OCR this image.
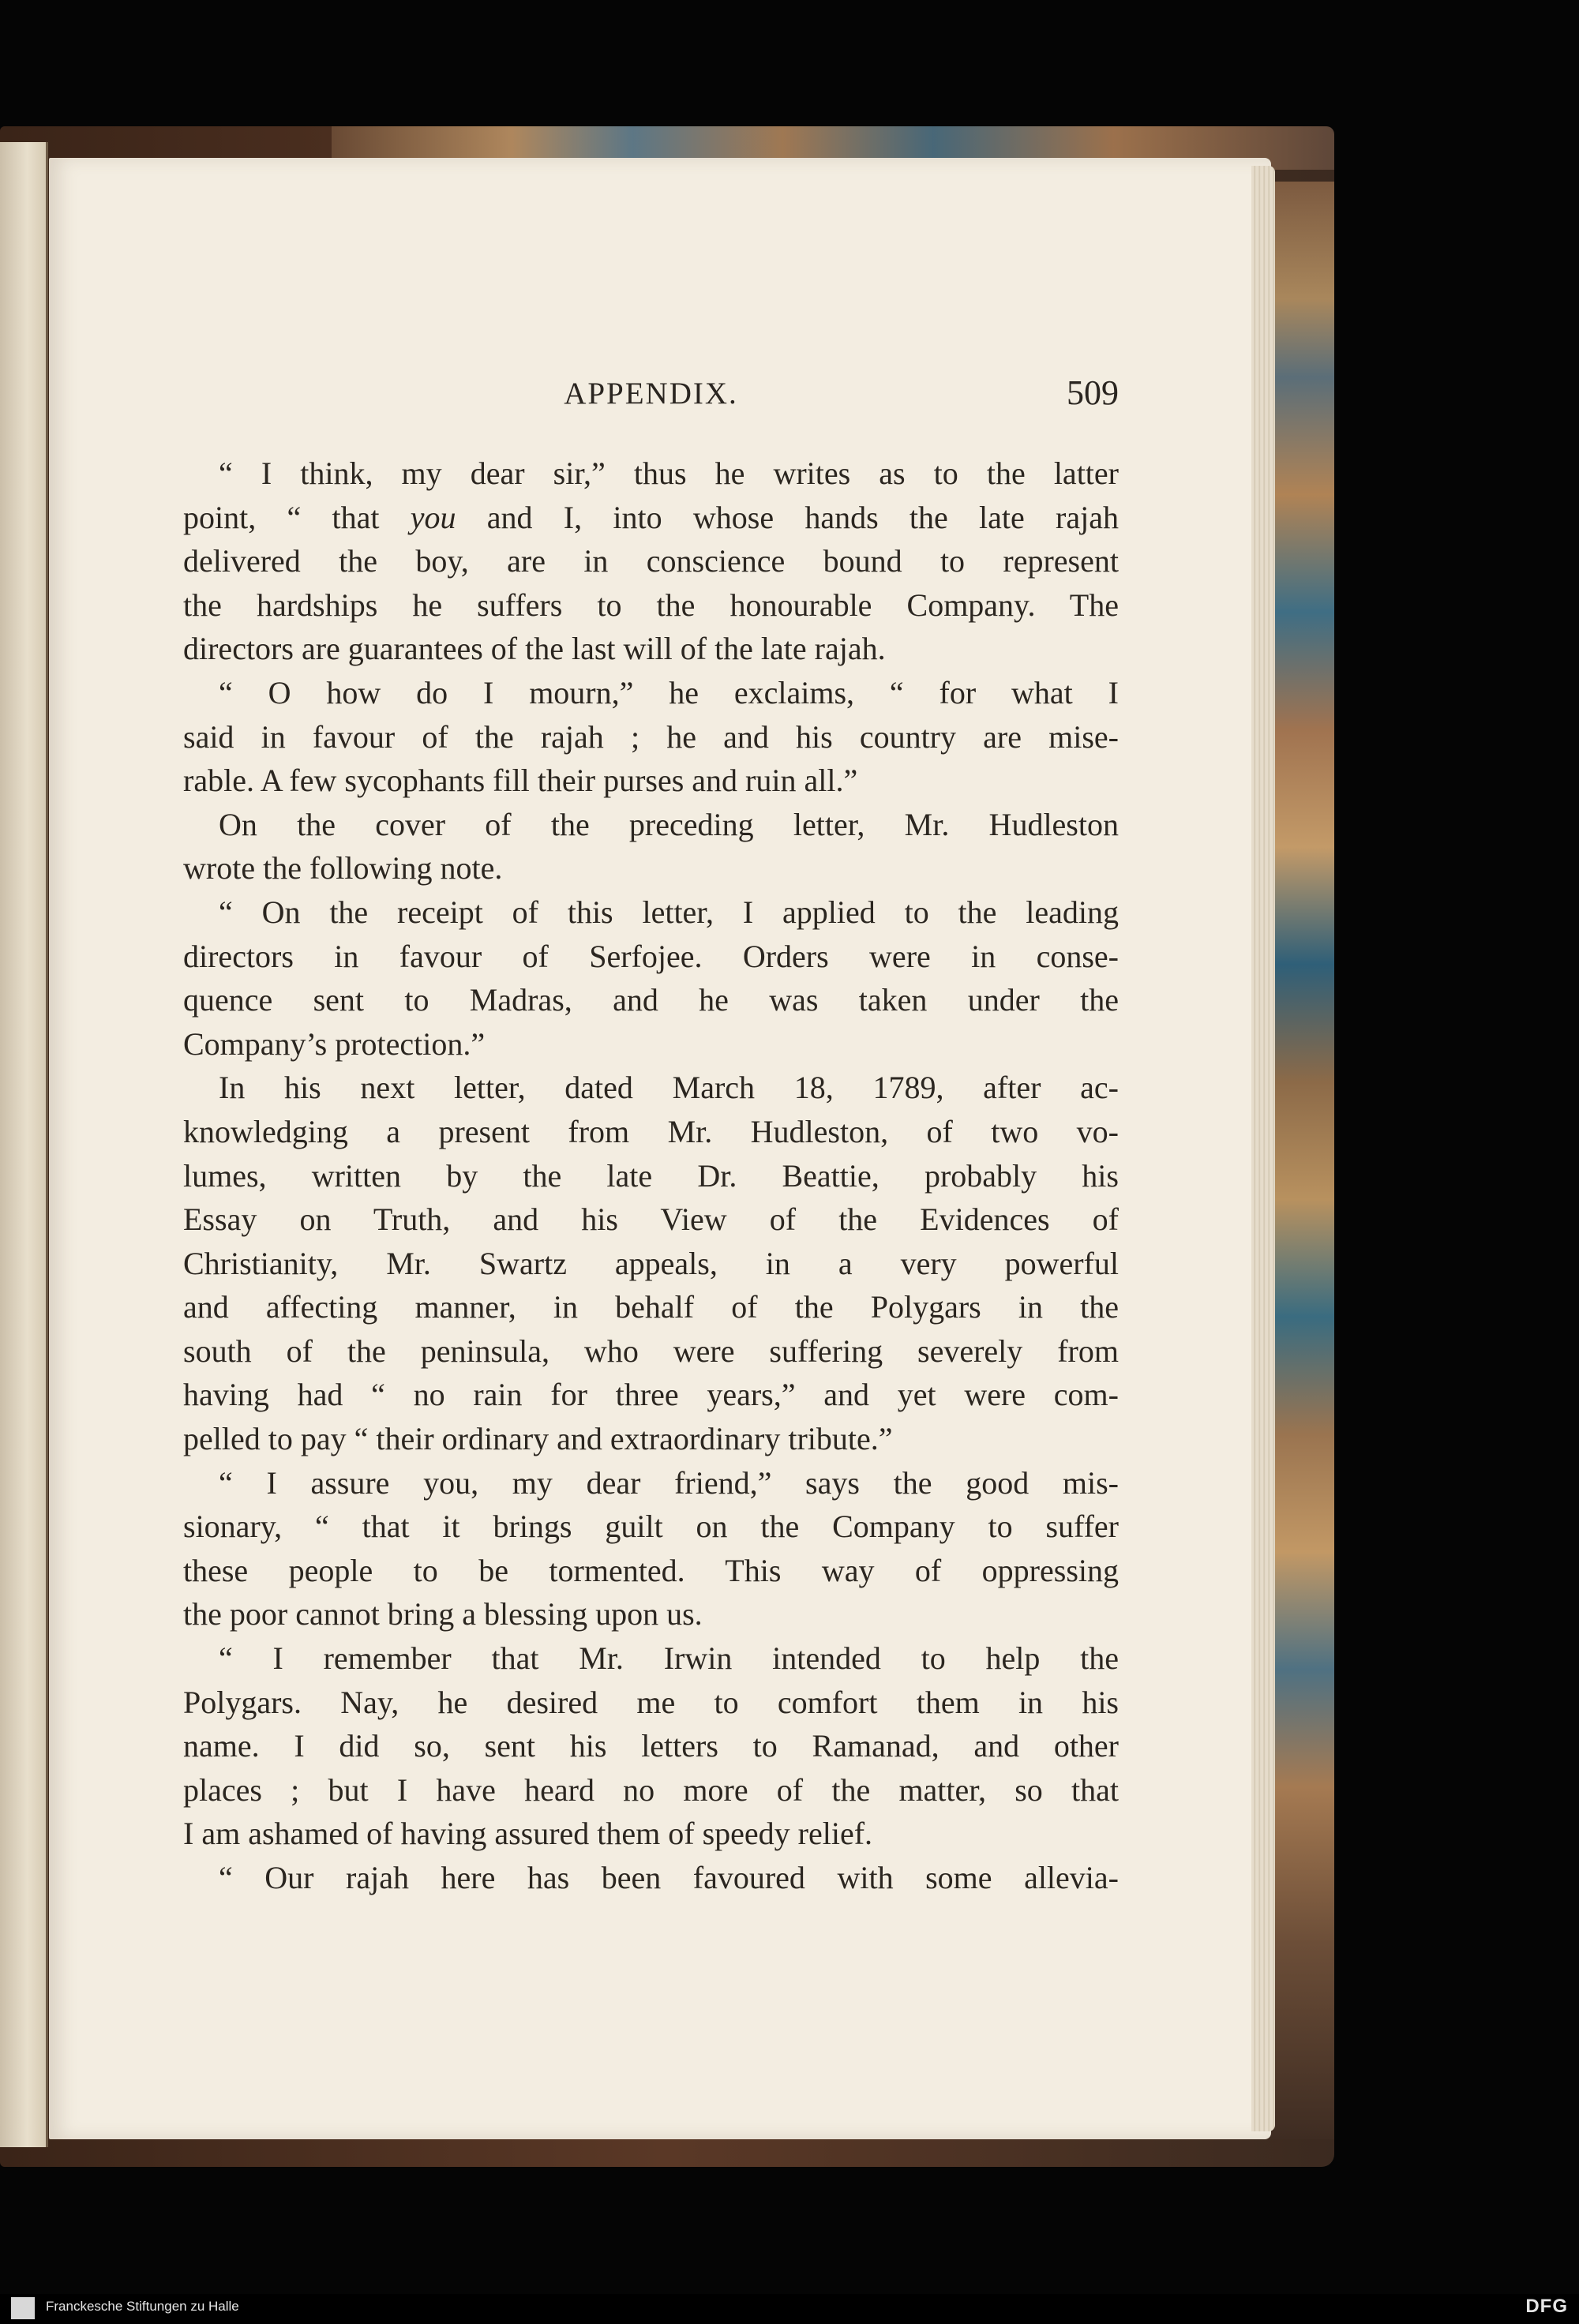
APPENDIX.	509
“ I think, my dear sir,” thus he writes as to the latter
point, “ that you and I, into whose hands the late rajah
delivered the boy, are in conscience bound to represent
the hardships he suffers to the honourable Company. The
directors are guarantees of the last will of the late rajah.
“ O how do I mourn,” he exclaims, “ for what I
said in favour of the rajah ; he and his country are mise-
rable. A few sycophants fill their purses and ruin all.”
On the cover of the preceding letter, Mr. Hudleston
wrote the following note.
“ On the receipt of this letter, I applied to the leading
directors in favour of Serfojee. Orders were in conse-
quence sent to Madras, and he was taken under the
Company’s protection.”
In his next letter, dated March 18, 1789, after ac-
knowledging a present from Mr. Hudleston, of two vo-
lumes, written by the late Dr. Beattie, probably his
Essay on Truth, and his View of the Evidences of
Christianity, Mr. Swartz appeals, in a very powerful
and affecting manner, in behalf of the Polygars in the
south of the peninsula, who were suffering severely from
having had “ no rain for three years,” and yet were com-
pelled to pay “ their ordinary and extraordinary tribute.”
“ I assure you, my dear friend,” says the good mis-
sionary, “ that it brings guilt on the Company to suffer
these people to be tormented. This way of oppressing
the poor cannot bring a blessing upon us.
“ I remember that Mr. Irwin intended to help the
Polygars. Nay, he desired me to comfort them in his
name. I did so, sent his letters to Ramanad, and other
places ; but I have heard no more of the matter, so that
I am ashamed of having assured them of speedy relief.
“ Our rajah here has been favoured with some allevia-
Franckesche Stiftungen zu Halle	DFG
